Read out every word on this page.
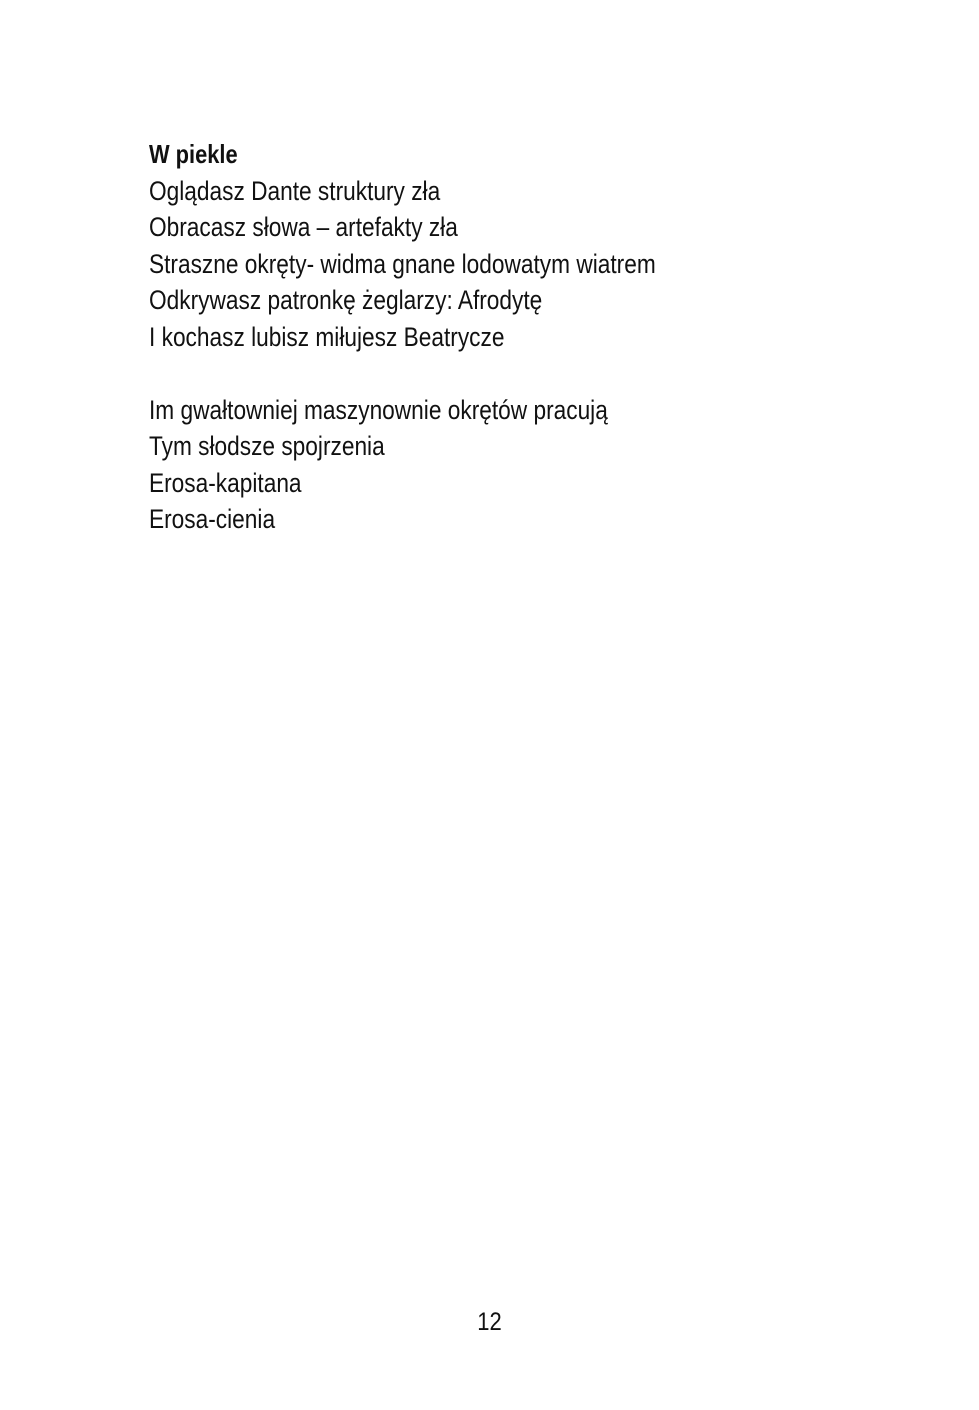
W piekle

Oglądasz Dante struktury zła
Obracasz słowa – artefakty zła
Straszne okręty- widma gnane lodowatym wiatrem
Odkrywasz patronkę żeglarzy: Afrodytę
I kochasz lubisz miłujesz Beatrycze

Im gwałtowniej maszynownie okrętów pracują
Tym słodsze spojrzenia
Erosa-kapitana
Erosa-cienia

12
